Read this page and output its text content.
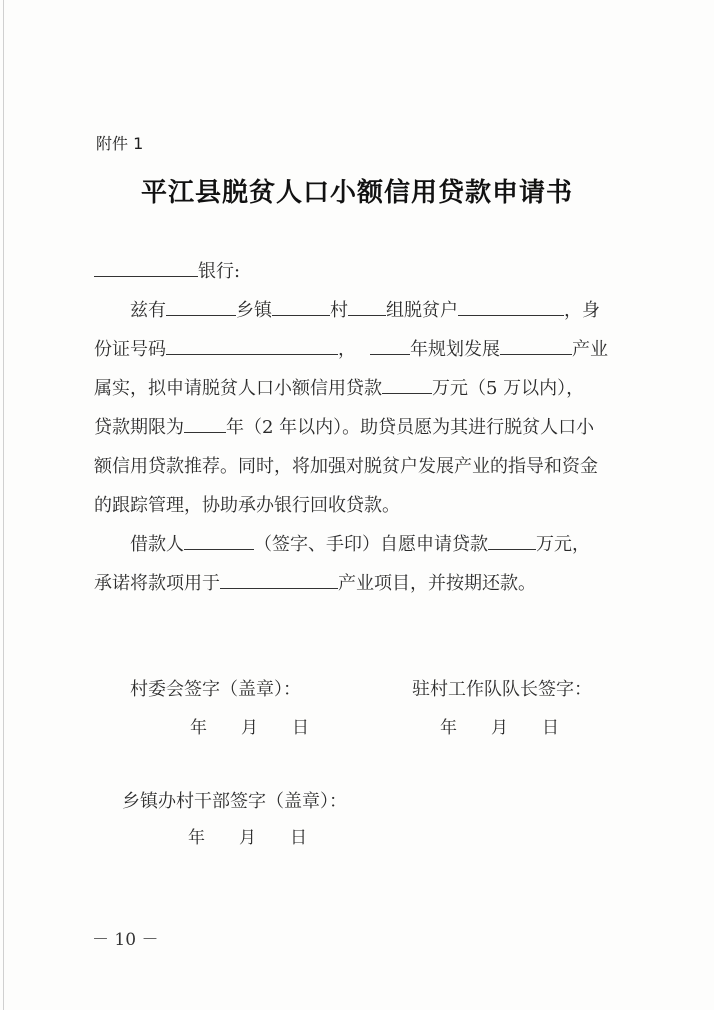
附件 1
平江县脱贫人口小额信用贷款申请书
银行:
兹有	乡镇	村 组脱贫户	，身
份证号码	，	年规划发展	产业
属实，拟申请脱贫人口小额信用贷款	万元（5 万以内），
贷款期限为 年（2 年以内）。助贷员愿为其进行脱贫人口小
额信用贷款推荐。同时，将加强对脱贫户发展产业的指导和资金
的跟踪管理，协助承办银行回收贷款。
借款人	（签字、手印）自愿申请贷款	万元，
承诺将款项用于	产业项目，并按期还款。
村委会签字（盖章）：	驻村工作队队长签字：
年 月 日	年 月 日
乡镇办村干部签字（盖章）：
年 月 日
－ 10 －
